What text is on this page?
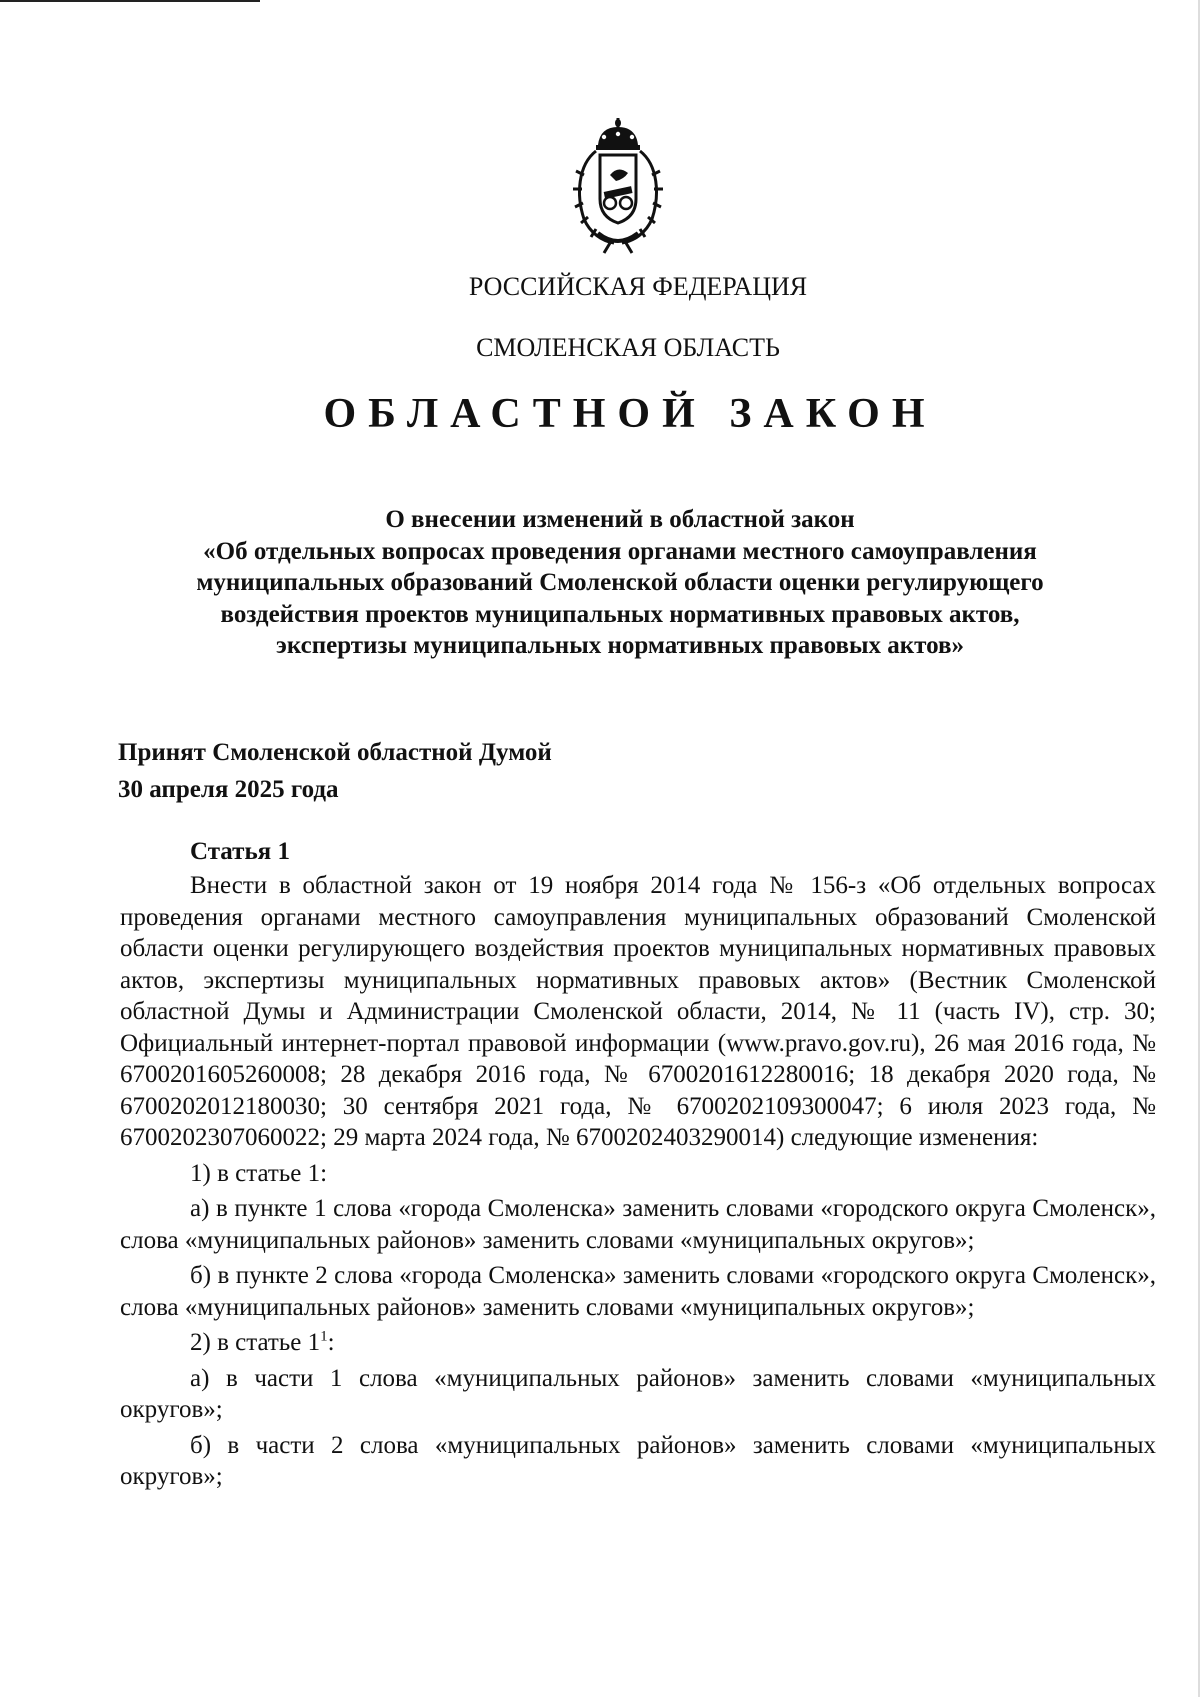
РОССИЙСКАЯ ФЕДЕРАЦИЯ
СМОЛЕНСКАЯ ОБЛАСТЬ
ОБЛАСТНОЙ ЗАКОН
О внесении изменений в областной закон
«Об отдельных вопросах проведения органами местного самоуправления
муниципальных образований Смоленской области оценки регулирующего
воздействия проектов муниципальных нормативных правовых актов,
экспертизы муниципальных нормативных правовых актов»
Принят Смоленской областной Думой
30 апреля 2025 года
Статья 1

Внести в областной закон от 19 ноября 2014 года № 156-з «Об отдельных вопросах проведения органами местного самоуправления муниципальных образований Смоленской области оценки регулирующего воздействия проектов муниципальных нормативных правовых актов, экспертизы муниципальных нормативных правовых актов» (Вестник Смоленской областной Думы и Администрации Смоленской области, 2014, № 11 (часть IV), стр. 30; Официальный интернет-портал правовой информации (www.pravo.gov.ru), 26 мая 2016 года, № 6700201605260008; 28 декабря 2016 года, № 6700201612280016; 18 декабря 2020 года, № 6700202012180030; 30 сентября 2021 года, № 6700202109300047; 6 июля 2023 года, № 6700202307060022; 29 марта 2024 года, № 6700202403290014) следующие изменения:

1) в статье 1:

а) в пункте 1 слова «города Смоленска» заменить словами «городского округа Смоленск», слова «муниципальных районов» заменить словами «муниципальных округов»;

б) в пункте 2 слова «города Смоленска» заменить словами «городского округа Смоленск», слова «муниципальных районов» заменить словами «муниципальных округов»;

2) в статье $1^1$:

а) в части 1 слова «муниципальных районов» заменить словами «муниципальных округов»;

б) в части 2 слова «муниципальных районов» заменить словами «муниципальных округов»;
